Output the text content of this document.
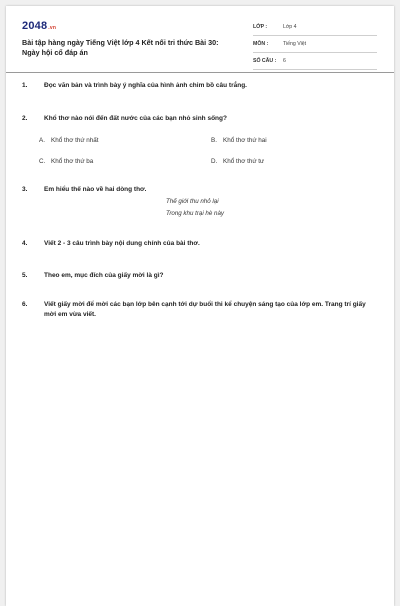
2048.vn
Bài tập hàng ngày Tiếng Việt lớp 4 Kết nối tri thức Bài 30: Ngày hội cổ đáp án
LỚP :	Lớp 4
MÔN :	Tiếng Việt
SỐ CÂU :	6
1.	Đọc văn bản và trình bày ý nghĩa của hình ảnh chim bồ câu trắng.
2.	Khổ thơ nào nói đến đất nước của các bạn nhỏ sinh sống?
A. Khổ thơ thứ nhất	B. Khổ thơ thứ hai
C. Khổ thơ thứ ba	D. Khổ thơ thứ tư
3.	Em hiểu thế nào về hai dòng thơ.
Thế giới thu nhỏ lại
Trong khu trại hè này
4.	Viết 2 - 3 câu trình bày nội dung chính của bài thơ.
5.	Theo em, mục đích của giấy mời là gì?
6.	Viết giấy mời để mời các bạn lớp bên cạnh tới dự buổi thi kể chuyện sáng tạo của lớp em. Trang trí giấy mời em vừa viết.
